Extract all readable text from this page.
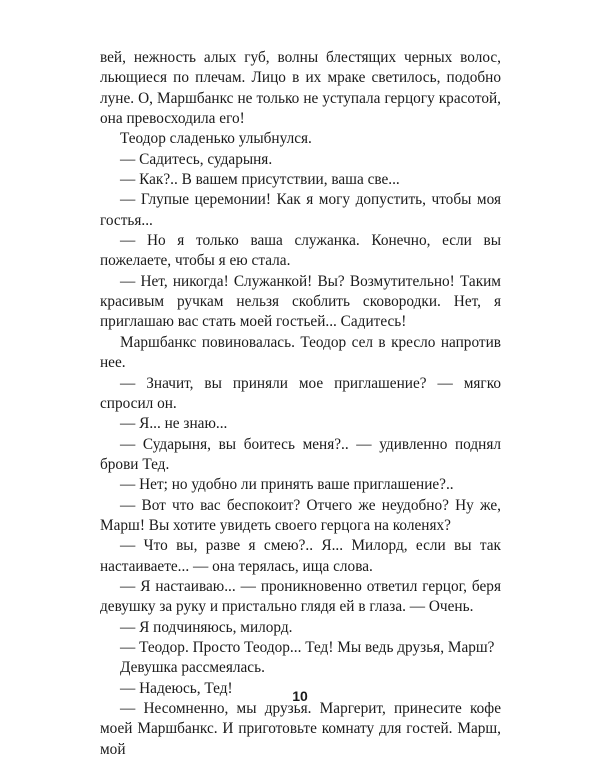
вей, нежность алых губ, волны блестящих черных волос, льющиеся по плечам. Лицо в их мраке светилось, подобно луне. О, Маршбанкс не только не уступала герцогу красотой, она превосходила его!

Теодор сладенько улыбнулся.

— Садитесь, сударыня.

— Как?.. В вашем присутствии, ваша све...

— Глупые церемонии! Как я могу допустить, чтобы моя гостья...

— Но я только ваша служанка. Конечно, если вы пожелаете, чтобы я ею стала.

— Нет, никогда! Служанкой! Вы? Возмутительно! Таким красивым ручкам нельзя скоблить сковородки. Нет, я приглашаю вас стать моей гостьей... Садитесь!

Маршбанкс повиновалась. Теодор сел в кресло напротив нее.

— Значит, вы приняли мое приглашение? — мягко спросил он.

— Я... не знаю...

— Сударыня, вы боитесь меня?.. — удивленно поднял брови Тед.

— Нет; но удобно ли принять ваше приглашение?..

— Вот что вас беспокоит? Отчего же неудобно? Ну же, Марш! Вы хотите увидеть своего герцога на коленях?

— Что вы, разве я смею?.. Я... Милорд, если вы так настаиваете... — она терялась, ища слова.

— Я настаиваю... — проникновенно ответил герцог, беря девушку за руку и пристально глядя ей в глаза. — Очень.

— Я подчиняюсь, милорд.

— Теодор. Просто Теодор... Тед! Мы ведь друзья, Марш?

Девушка рассмеялась.

— Надеюсь, Тед!

— Несомненно, мы друзья. Маргерит, принесите кофе моей Маршбанкс. И приготовьте комнату для гостей. Марш, мой

10
